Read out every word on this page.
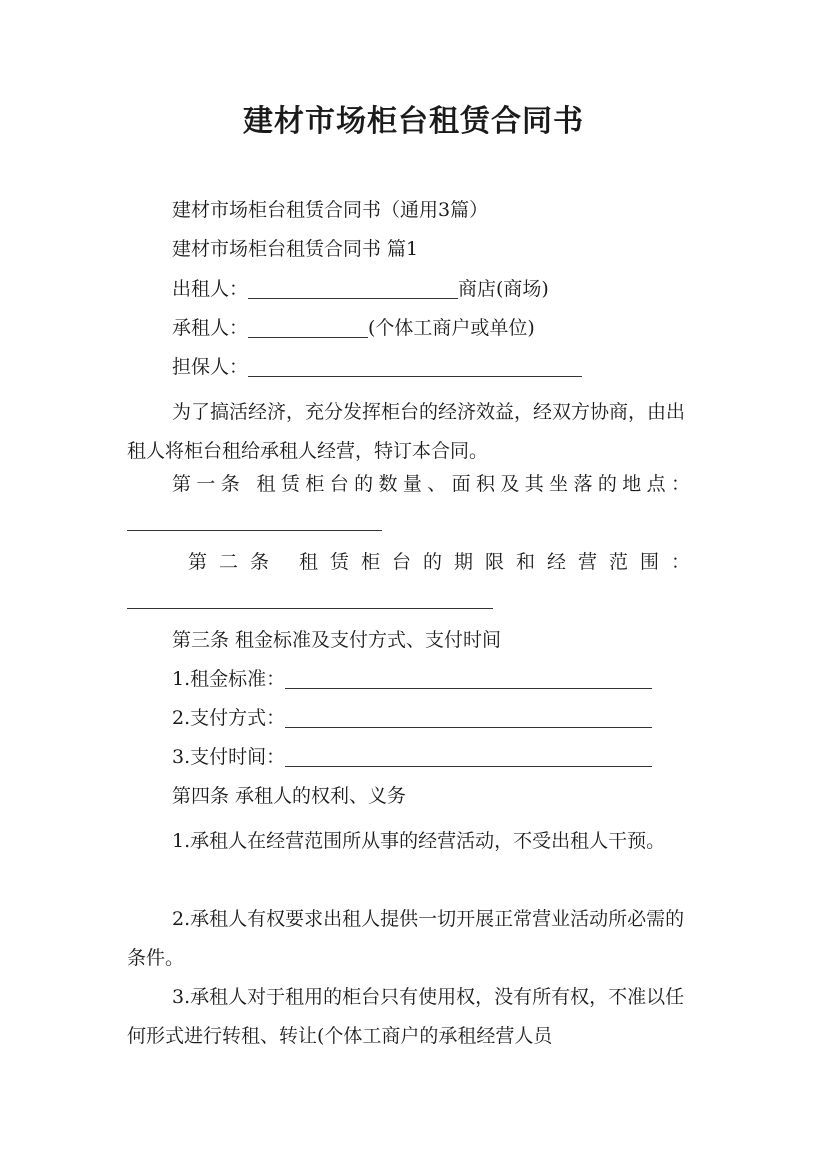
建材市场柜台租赁合同书
建材市场柜台租赁合同书（通用3篇）
建材市场柜台租赁合同书 篇1
出租人：	商店(商场)
承租人：	(个体工商户或单位)
担保人：
为了搞活经济，充分发挥柜台的经济效益，经双方协商，由出租人将柜台租给承租人经营，特订本合同。
第一条 租赁柜台的数量、面积及其坐落的地点：
第二条 租赁柜台的期限和经营范围：
第三条 租金标准及支付方式、支付时间
1.租金标准：
2.支付方式：
3.支付时间：
第四条 承租人的权利、义务
1.承租人在经营范围所从事的经营活动，不受出租人干预。
2.承租人有权要求出租人提供一切开展正常营业活动所必需的条件。
3.承租人对于租用的柜台只有使用权，没有所有权，不准以任何形式进行转租、转让(个体工商户的承租经营人员
